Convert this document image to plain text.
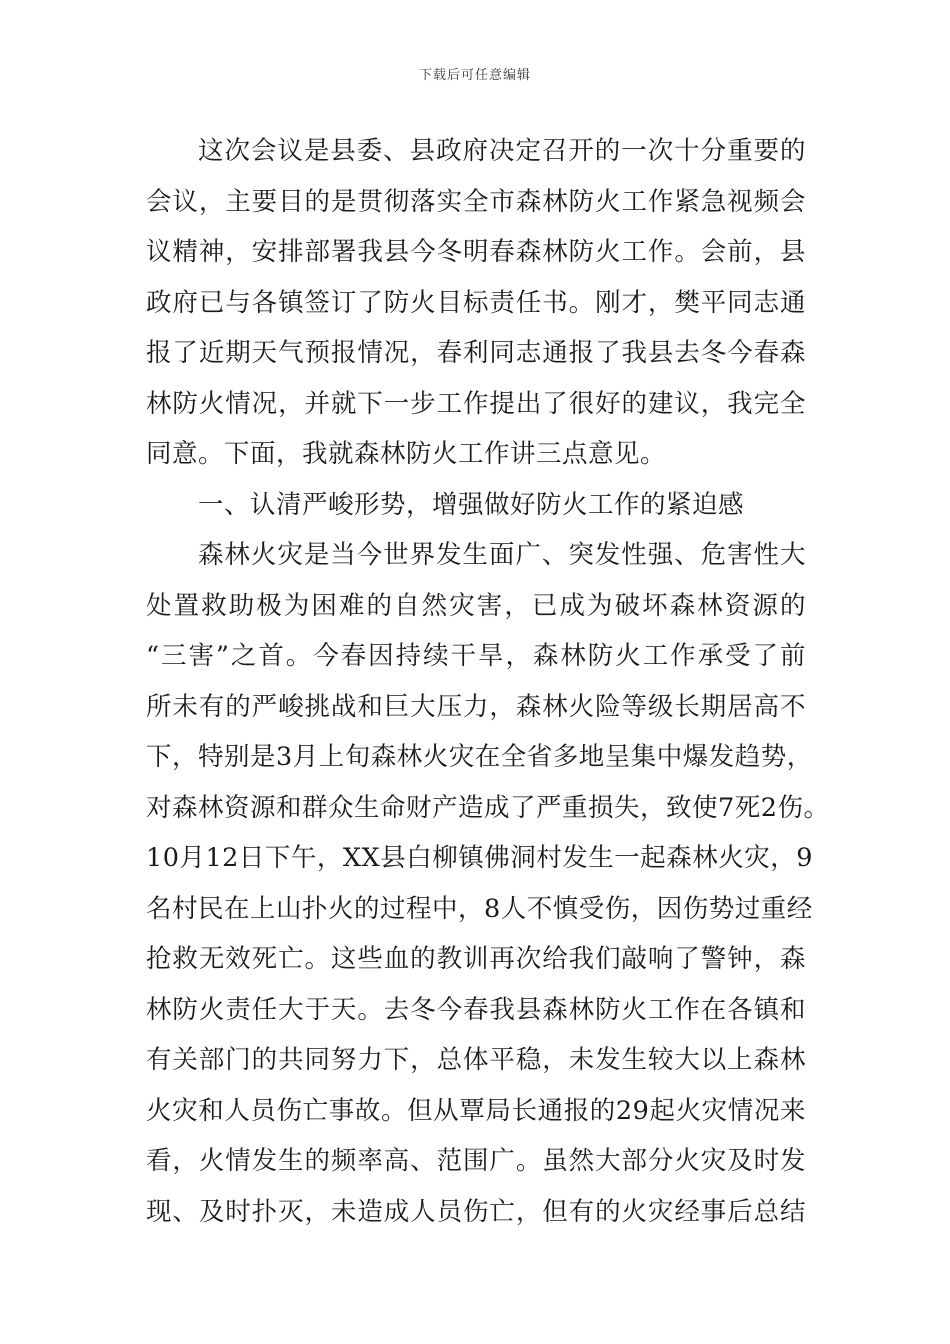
下载后可任意编辑
这次会议是县委、县政府决定召开的一次十分重要的
会议，主要目的是贯彻落实全市森林防火工作紧急视频会
议精神，安排部署我县今冬明春森林防火工作。会前，县
政府已与各镇签订了防火目标责任书。刚才，樊平同志通
报了近期天气预报情况，春利同志通报了我县去冬今春森
林防火情况，并就下一步工作提出了很好的建议，我完全
同意。下面，我就森林防火工作讲三点意见。
一、认清严峻形势，增强做好防火工作的紧迫感
森林火灾是当今世界发生面广、突发性强、危害性大
处置救助极为困难的自然灾害，已成为破坏森林资源的
“三害”之首。今春因持续干旱，森林防火工作承受了前
所未有的严峻挑战和巨大压力，森林火险等级长期居高不
下，特别是3月上旬森林火灾在全省多地呈集中爆发趋势，
对森林资源和群众生命财产造成了严重损失，致使7死2伤。
10月12日下午，XX县白柳镇佛洞村发生一起森林火灾，9
名村民在上山扑火的过程中，8人不慎受伤，因伤势过重经
抢救无效死亡。这些血的教训再次给我们敲响了警钟，森
林防火责任大于天。去冬今春我县森林防火工作在各镇和
有关部门的共同努力下，总体平稳，未发生较大以上森林
火灾和人员伤亡事故。但从覃局长通报的29起火灾情况来
看，火情发生的频率高、范围广。虽然大部分火灾及时发
现、及时扑灭，未造成人员伤亡，但有的火灾经事后总结
